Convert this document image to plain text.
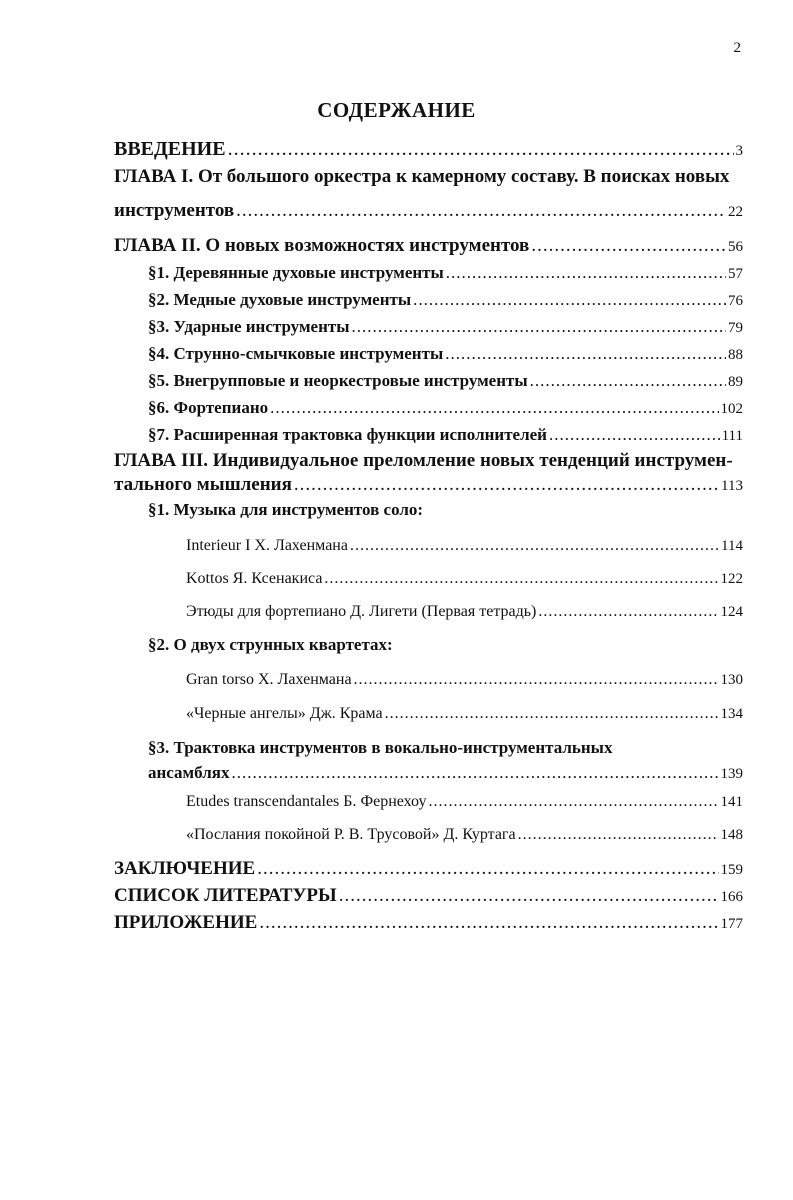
2
СОДЕРЖАНИЕ
ВВЕДЕНИЕ .....	3
ГЛАВА I. От большого оркестра к камерному составу. В поисках новых
инструментов .....	22
ГЛАВА II. О новых возможностях инструментов .....	56
§1. Деревянные духовые инструменты .....	57
§2. Медные духовые инструменты .....	76
§3. Ударные инструменты .....	79
§4. Струнно-смычковые инструменты .....	88
§5. Внегрупповые и неоркестровые инструменты .....	89
§6. Фортепиано .....	102
§7. Расширенная трактовка функции исполнителей .....	111
ГЛАВА III. Индивидуальное преломление новых тенденций инструмен-
тального мышления .....	113
§1. Музыка для инструментов соло:
Interieur I Х. Лахенмана .....	114
Kottos Я. Ксенакиса .....	122
Этюды для фортепиано Д. Лигети (Первая тетрадь) .....	124
§2. О двух струнных квартетах:
Gran torso Х. Лахенмана .....	130
«Черные ангелы» Дж. Крама .....	134
§3. Трактовка инструментов в вокально-инструментальных
ансамблях .....	139
Etudes transcendantales Б. Фернехоу .....	141
«Послания покойной Р. В. Трусовой» Д. Куртага .....	148
ЗАКЛЮЧЕНИЕ .....	159
СПИСОК ЛИТЕРАТУРЫ .....	166
ПРИЛОЖЕНИЕ .....	177
